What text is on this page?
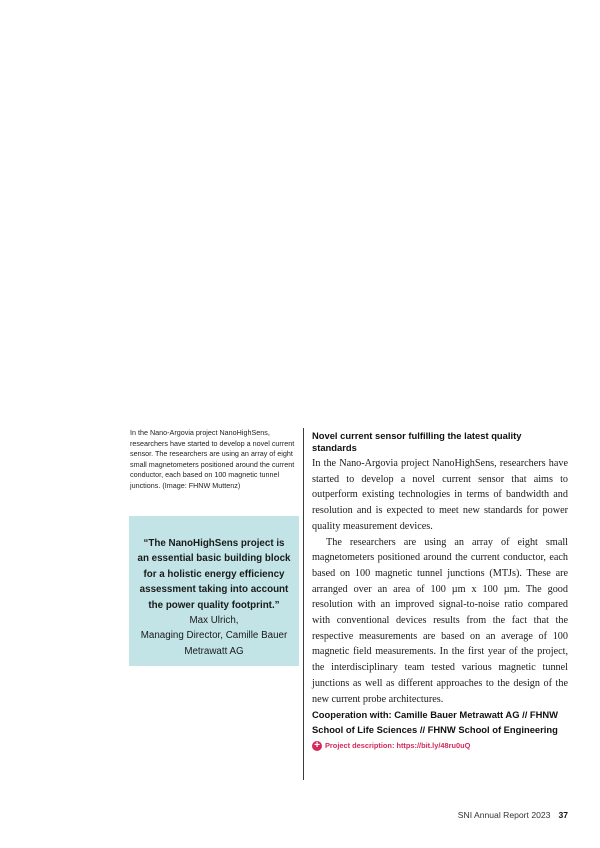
In the Nano-Argovia project NanoHighSens, researchers have started to develop a novel current sensor. The researchers are using an array of eight small magnetometers positioned around the current conductor, each based on 100 magnetic tunnel junctions. (Image: FHNW Muttenz)
“The NanoHighSens project is an essential basic building block for a holistic energy efficiency assessment taking into account the power quality footprint.”
Max Ulrich,
Managing Director, Camille Bauer Metrawatt AG
Novel current sensor fulfilling the latest quality standards

In the Nano-Argovia project NanoHighSens, researchers have started to develop a novel current sensor that aims to outperform existing technologies in terms of bandwidth and resolution and is expected to meet new standards for power quality measurement devices.

The researchers are using an array of eight small magnetometers positioned around the current conductor, each based on 100 magnetic tunnel junctions (MTJs). These are arranged over an area of 100 µm x 100 µm. The good resolution with an improved signal-to-noise ratio compared with conventional devices results from the fact that the respective measurements are based on an average of 100 magnetic field measurements. In the first year of the project, the interdisciplinary team tested various magnetic tunnel junctions as well as different approaches to the design of the new current probe architectures.

Cooperation with: Camille Bauer Metrawatt AG // FHNW School of Life Sciences // FHNW School of Engineering

+ Project description: https://bit.ly/48ru0uQ
SNI Annual Report 2023 37
